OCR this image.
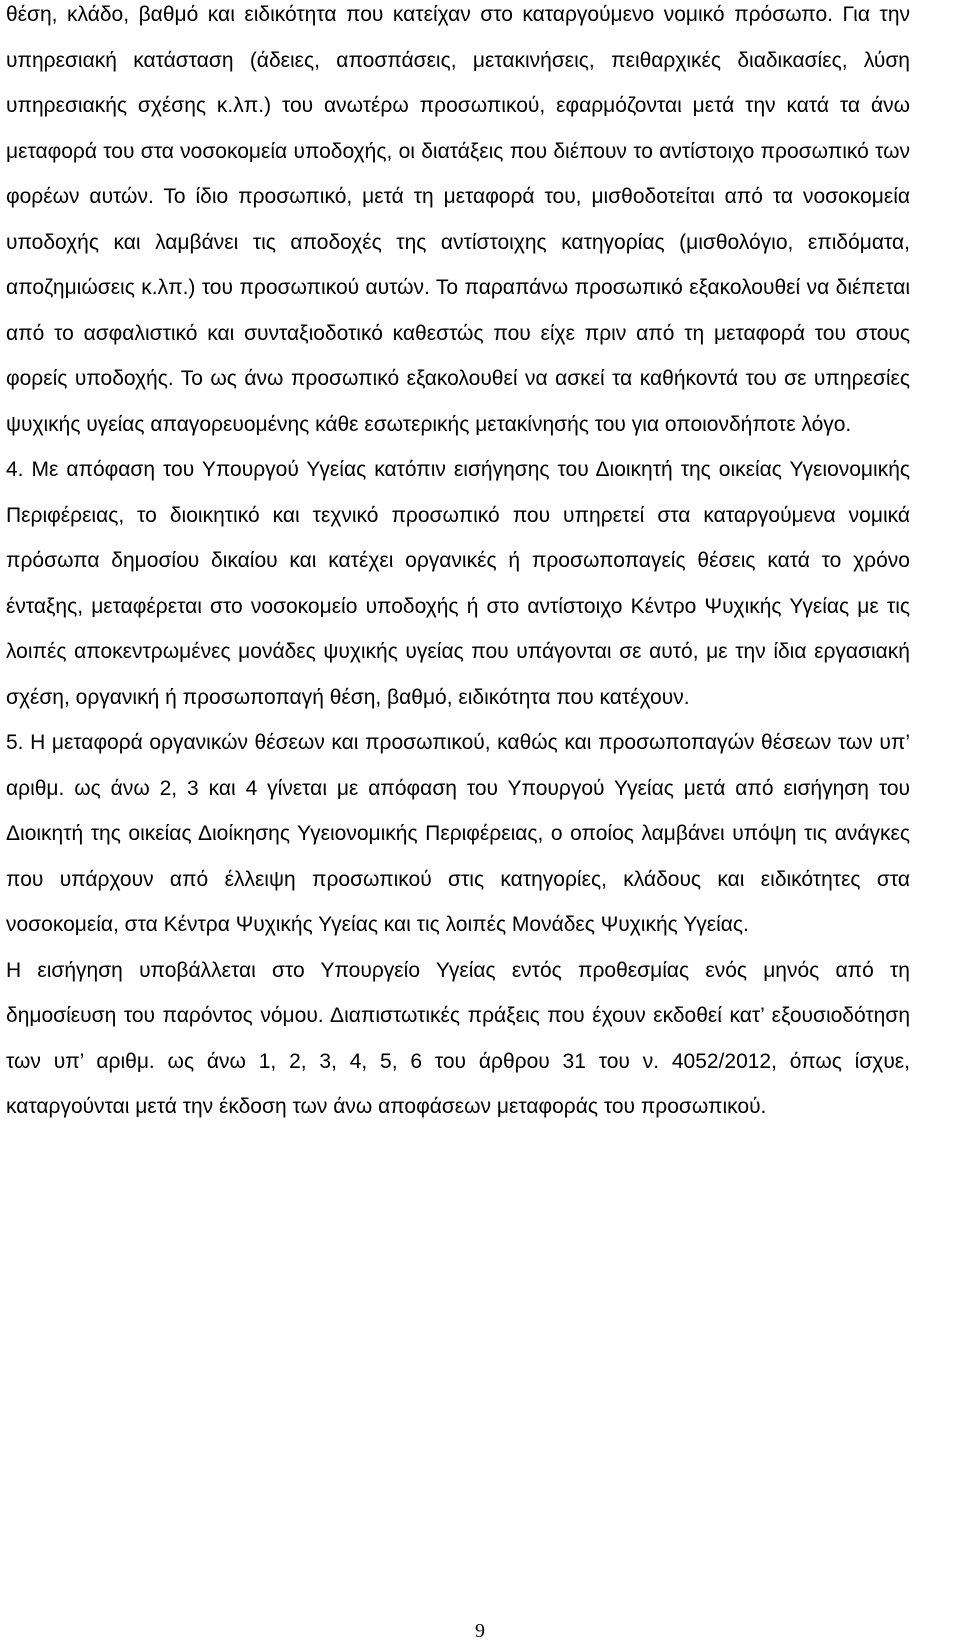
θέση, κλάδο, βαθμό και ειδικότητα που κατείχαν στο καταργούμενο νομικό πρόσωπο. Για την υπηρεσιακή κατάσταση (άδειες, αποσπάσεις, μετακινήσεις, πειθαρχικές διαδικασίες, λύση υπηρεσιακής σχέσης κ.λπ.) του ανωτέρω προσωπικού, εφαρμόζονται μετά την κατά τα άνω μεταφορά του στα νοσοκομεία υποδοχής, οι διατάξεις που διέπουν το αντίστοιχο προσωπικό των φορέων αυτών. Το ίδιο προσωπικό, μετά τη μεταφορά του, μισθοδοτείται από τα νοσοκομεία υποδοχής και λαμβάνει τις αποδοχές της αντίστοιχης κατηγορίας (μισθολόγιο, επιδόματα, αποζημιώσεις κ.λπ.) του προσωπικού αυτών. Το παραπάνω προσωπικό εξακολουθεί να διέπεται από το ασφαλιστικό και συνταξιοδοτικό καθεστώς που είχε πριν από τη μεταφορά του στους φορείς υποδοχής. Το ως άνω προσωπικό εξακολουθεί να ασκεί τα καθήκοντά του σε υπηρεσίες ψυχικής υγείας απαγορευομένης κάθε εσωτερικής μετακίνησής του για οποιονδήποτε λόγο.

4. Με απόφαση του Υπουργού Υγείας κατόπιν εισήγησης του Διοικητή της οικείας Υγειονομικής Περιφέρειας, το διοικητικό και τεχνικό προσωπικό που υπηρετεί στα καταργούμενα νομικά πρόσωπα δημοσίου δικαίου και κατέχει οργανικές ή προσωποπαγείς θέσεις κατά το χρόνο ένταξης, μεταφέρεται στο νοσοκομείο υποδοχής ή στο αντίστοιχο Κέντρο Ψυχικής Υγείας με τις λοιπές αποκεντρωμένες μονάδες ψυχικής υγείας που υπάγονται σε αυτό, με την ίδια εργασιακή σχέση, οργανική ή προσωποπαγή θέση, βαθμό, ειδικότητα που κατέχουν.

5. Η μεταφορά οργανικών θέσεων και προσωπικού, καθώς και προσωποπαγών θέσεων των υπ’ αριθμ. ως άνω 2, 3 και 4 γίνεται με απόφαση του Υπουργού Υγείας μετά από εισήγηση του Διοικητή της οικείας Διοίκησης Υγειονομικής Περιφέρειας, ο οποίος λαμβάνει υπόψη τις ανάγκες που υπάρχουν από έλλειψη προσωπικού στις κατηγορίες, κλάδους και ειδικότητες στα νοσοκομεία, στα Κέντρα Ψυχικής Υγείας και τις λοιπές Μονάδες Ψυχικής Υγείας.

Η εισήγηση υποβάλλεται στο Υπουργείο Υγείας εντός προθεσμίας ενός μηνός από τη δημοσίευση του παρόντος νόμου. Διαπιστωτικές πράξεις που έχουν εκδοθεί κατ’ εξουσιοδότηση των υπ’ αριθμ. ως άνω 1, 2, 3, 4, 5, 6 του άρθρου 31 του ν. 4052/2012, όπως ίσχυε, καταργούνται μετά την έκδοση των άνω αποφάσεων μεταφοράς του προσωπικού.

9
